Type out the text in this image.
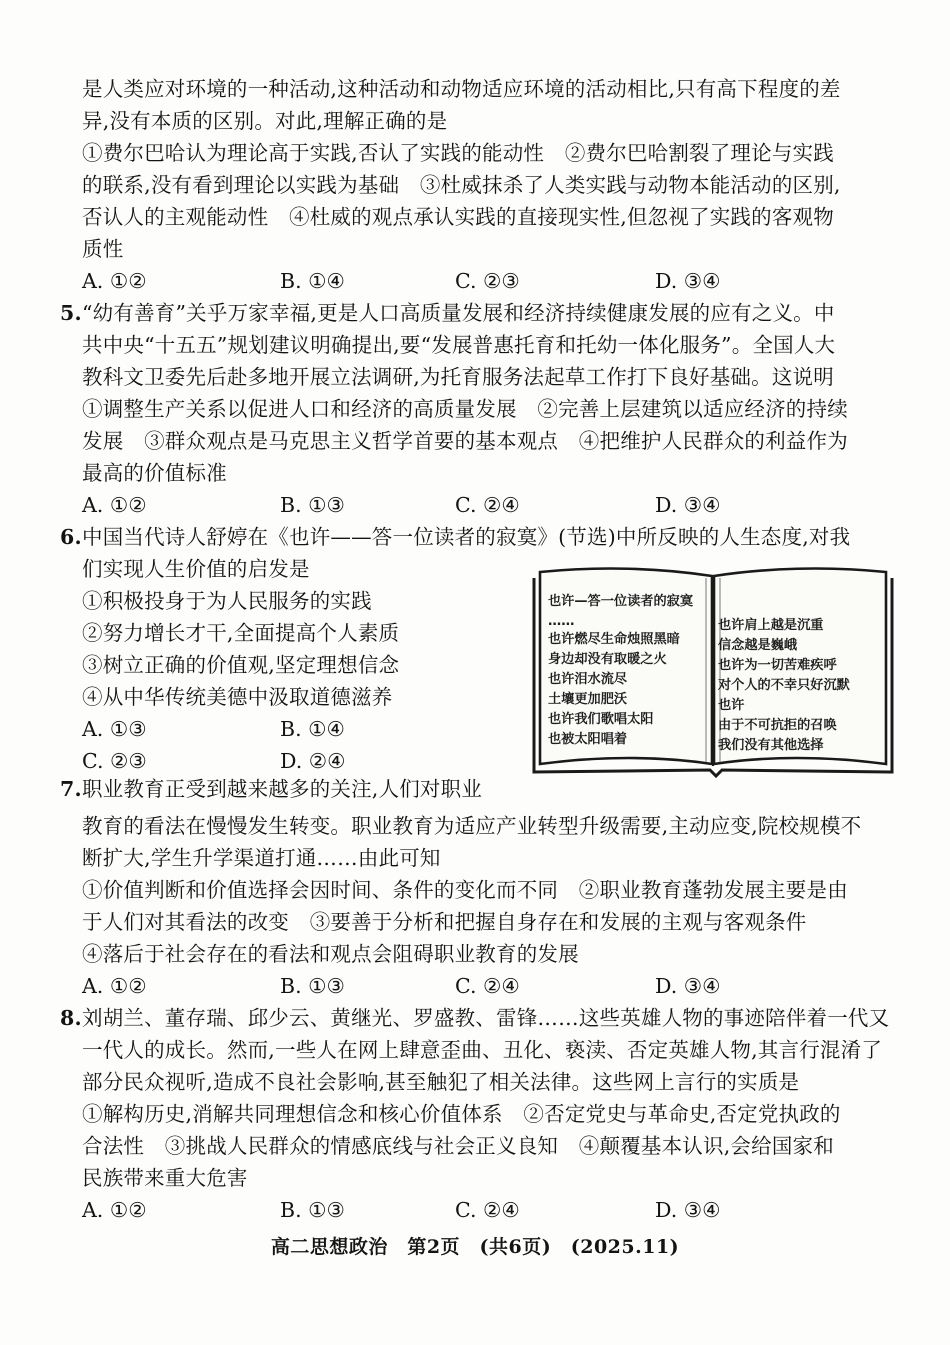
是人类应对环境的一种活动,这种活动和动物适应环境的活动相比,只有高下程度的差
异,没有本质的区别。对此,理解正确的是
①费尔巴哈认为理论高于实践,否认了实践的能动性　②费尔巴哈割裂了理论与实践
的联系,没有看到理论以实践为基础　③杜威抹杀了人类实践与动物本能活动的区别,
否认人的主观能动性　④杜威的观点承认实践的直接现实性,但忽视了实践的客观物
质性
A. ①②	B. ①④	C. ②③	D. ③④
5. “幼有善育”关乎万家幸福,更是人口高质量发展和经济持续健康发展的应有之义。中
共中央“十五五”规划建议明确提出,要“发展普惠托育和托幼一体化服务”。全国人大
教科文卫委先后赴多地开展立法调研,为托育服务法起草工作打下良好基础。这说明
①调整生产关系以促进人口和经济的高质量发展　②完善上层建筑以适应经济的持续
发展　③群众观点是马克思主义哲学首要的基本观点　④把维护人民群众的利益作为
最高的价值标准
A. ①②	B. ①③	C. ②④	D. ③④
6. 中国当代诗人舒婷在《也许——答一位读者的寂寞》(节选)中所反映的人生态度,对我
们实现人生价值的启发是
①积极投身于为人民服务的实践
②努力增长才干,全面提高个人素质
③树立正确的价值观,坚定理想信念
④从中华传统美德中汲取道德滋养
A. ①③	B. ①④
C. ②③	D. ②④
也许—答一位读者的寂寞
……
也许燃尽生命烛照黑暗
身边却没有取暖之火
也许泪水流尽
土壤更加肥沃
也许我们歌唱太阳
也被太阳唱着
也许肩上越是沉重
信念越是巍峨
也许为一切苦难疾呼
对个人的不幸只好沉默
也许
由于不可抗拒的召唤
我们没有其他选择
7. 职业教育正受到越来越多的关注,人们对职业
教育的看法在慢慢发生转变。职业教育为适应产业转型升级需要,主动应变,院校规模不
断扩大,学生升学渠道打通……由此可知
①价值判断和价值选择会因时间、条件的变化而不同　②职业教育蓬勃发展主要是由
于人们对其看法的改变　③要善于分析和把握自身存在和发展的主观与客观条件
④落后于社会存在的看法和观点会阻碍职业教育的发展
A. ①②	B. ①③	C. ②④	D. ③④
8. 刘胡兰、董存瑞、邱少云、黄继光、罗盛教、雷锋……这些英雄人物的事迹陪伴着一代又
一代人的成长。然而,一些人在网上肆意歪曲、丑化、亵渎、否定英雄人物,其言行混淆了
部分民众视听,造成不良社会影响,甚至触犯了相关法律。这些网上言行的实质是
①解构历史,消解共同理想信念和核心价值体系　②否定党史与革命史,否定党执政的
合法性　③挑战人民群众的情感底线与社会正义良知　④颠覆基本认识,会给国家和
民族带来重大危害
A. ①②	B. ①③	C. ②④	D. ③④
高二思想政治　第2页　(共6页)　(2025.11)
